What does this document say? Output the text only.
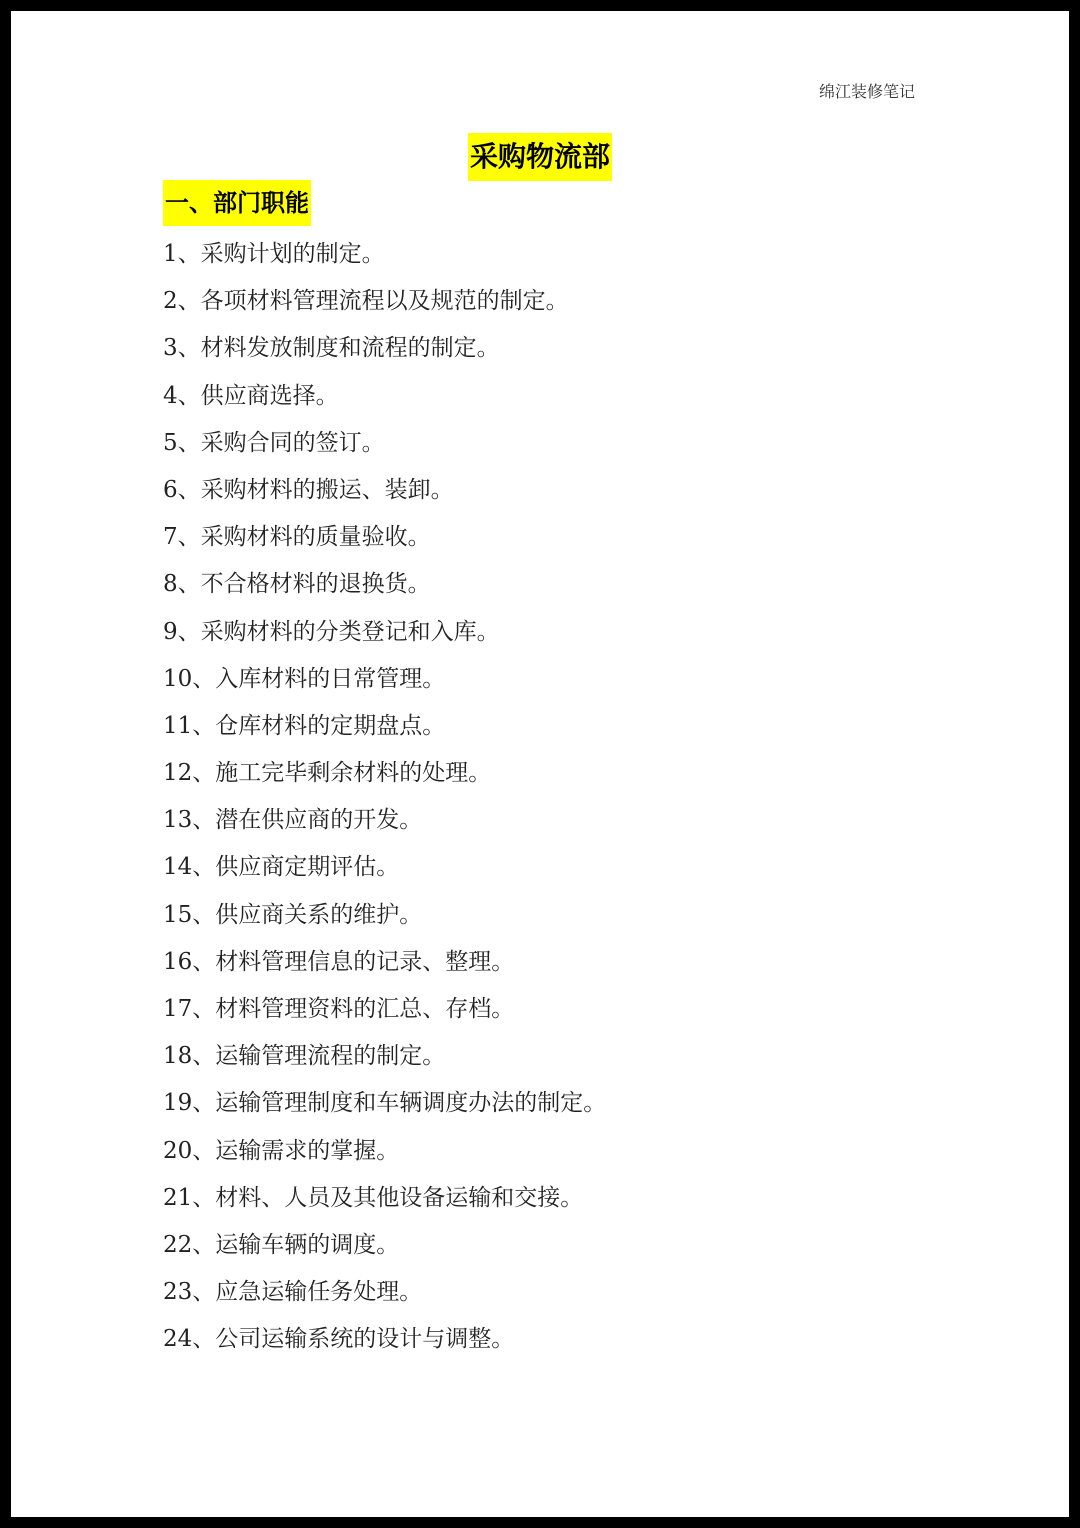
绵江装修笔记
采购物流部
一、部门职能
1、采购计划的制定。
2、各项材料管理流程以及规范的制定。
3、材料发放制度和流程的制定。
4、供应商选择。
5、采购合同的签订。
6、采购材料的搬运、装卸。
7、采购材料的质量验收。
8、不合格材料的退换货。
9、采购材料的分类登记和入库。
10、入库材料的日常管理。
11、仓库材料的定期盘点。
12、施工完毕剩余材料的处理。
13、潜在供应商的开发。
14、供应商定期评估。
15、供应商关系的维护。
16、材料管理信息的记录、整理。
17、材料管理资料的汇总、存档。
18、运输管理流程的制定。
19、运输管理制度和车辆调度办法的制定。
20、运输需求的掌握。
21、材料、人员及其他设备运输和交接。
22、运输车辆的调度。
23、应急运输任务处理。
24、公司运输系统的设计与调整。
